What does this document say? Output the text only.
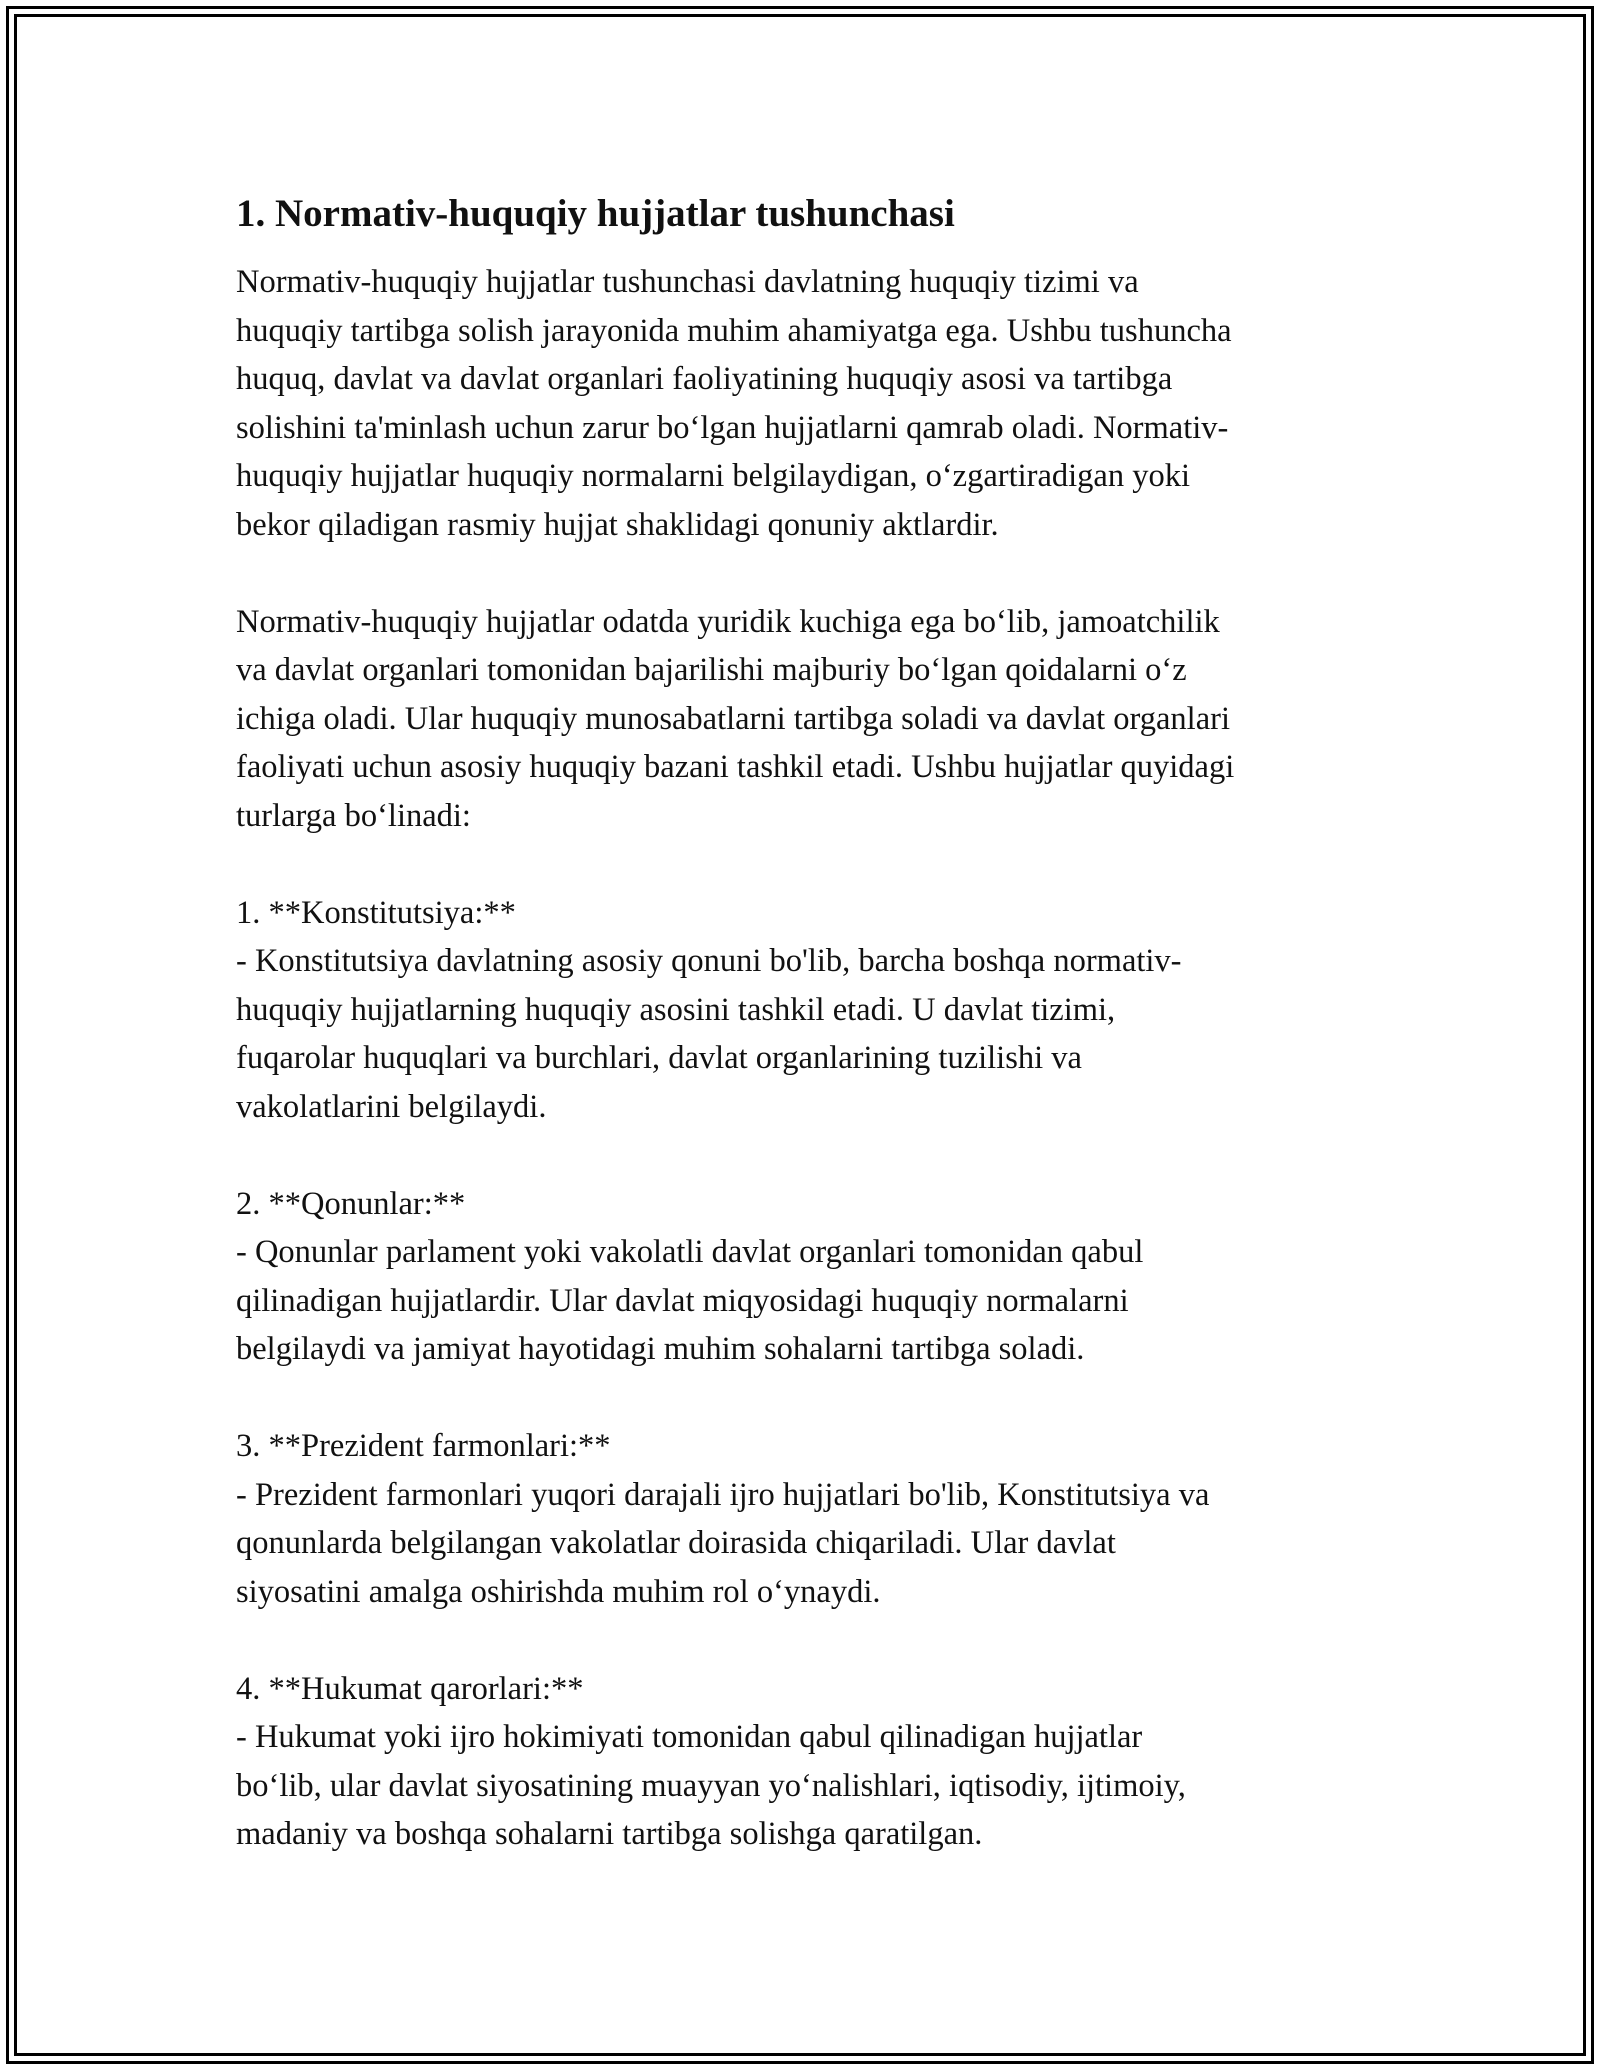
1. Normativ-huquqiy hujjatlar tushunchasi

Normativ-huquqiy hujjatlar tushunchasi davlatning huquqiy tizimi va
huquqiy tartibga solish jarayonida muhim ahamiyatga ega. Ushbu tushuncha
huquq, davlat va davlat organlari faoliyatining huquqiy asosi va tartibga
solishini ta'minlash uchun zarur bo‘lgan hujjatlarni qamrab oladi. Normativ-
huquqiy hujjatlar huquqiy normalarni belgilaydigan, o‘zgartiradigan yoki
bekor qiladigan rasmiy hujjat shaklidagi qonuniy aktlardir.

Normativ-huquqiy hujjatlar odatda yuridik kuchiga ega bo‘lib, jamoatchilik
va davlat organlari tomonidan bajarilishi majburiy bo‘lgan qoidalarni o‘z
ichiga oladi. Ular huquqiy munosabatlarni tartibga soladi va davlat organlari
faoliyati uchun asosiy huquqiy bazani tashkil etadi. Ushbu hujjatlar quyidagi
turlarga bo‘linadi:

1. **Konstitutsiya:**
- Konstitutsiya davlatning asosiy qonuni bo'lib, barcha boshqa normativ-
huquqiy hujjatlarning huquqiy asosini tashkil etadi. U davlat tizimi,
fuqarolar huquqlari va burchlari, davlat organlarining tuzilishi va
vakolatlarini belgilaydi.

2. **Qonunlar:**
- Qonunlar parlament yoki vakolatli davlat organlari tomonidan qabul
qilinadigan hujjatlardir. Ular davlat miqyosidagi huquqiy normalarni
belgilaydi va jamiyat hayotidagi muhim sohalarni tartibga soladi.

3. **Prezident farmonlari:**
- Prezident farmonlari yuqori darajali ijro hujjatlari bo'lib, Konstitutsiya va
qonunlarda belgilangan vakolatlar doirasida chiqariladi. Ular davlat
siyosatini amalga oshirishda muhim rol o‘ynaydi.

4. **Hukumat qarorlari:**
- Hukumat yoki ijro hokimiyati tomonidan qabul qilinadigan hujjatlar
bo‘lib, ular davlat siyosatining muayyan yo‘nalishlari, iqtisodiy, ijtimoiy,
madaniy va boshqa sohalarni tartibga solishga qaratilgan.
